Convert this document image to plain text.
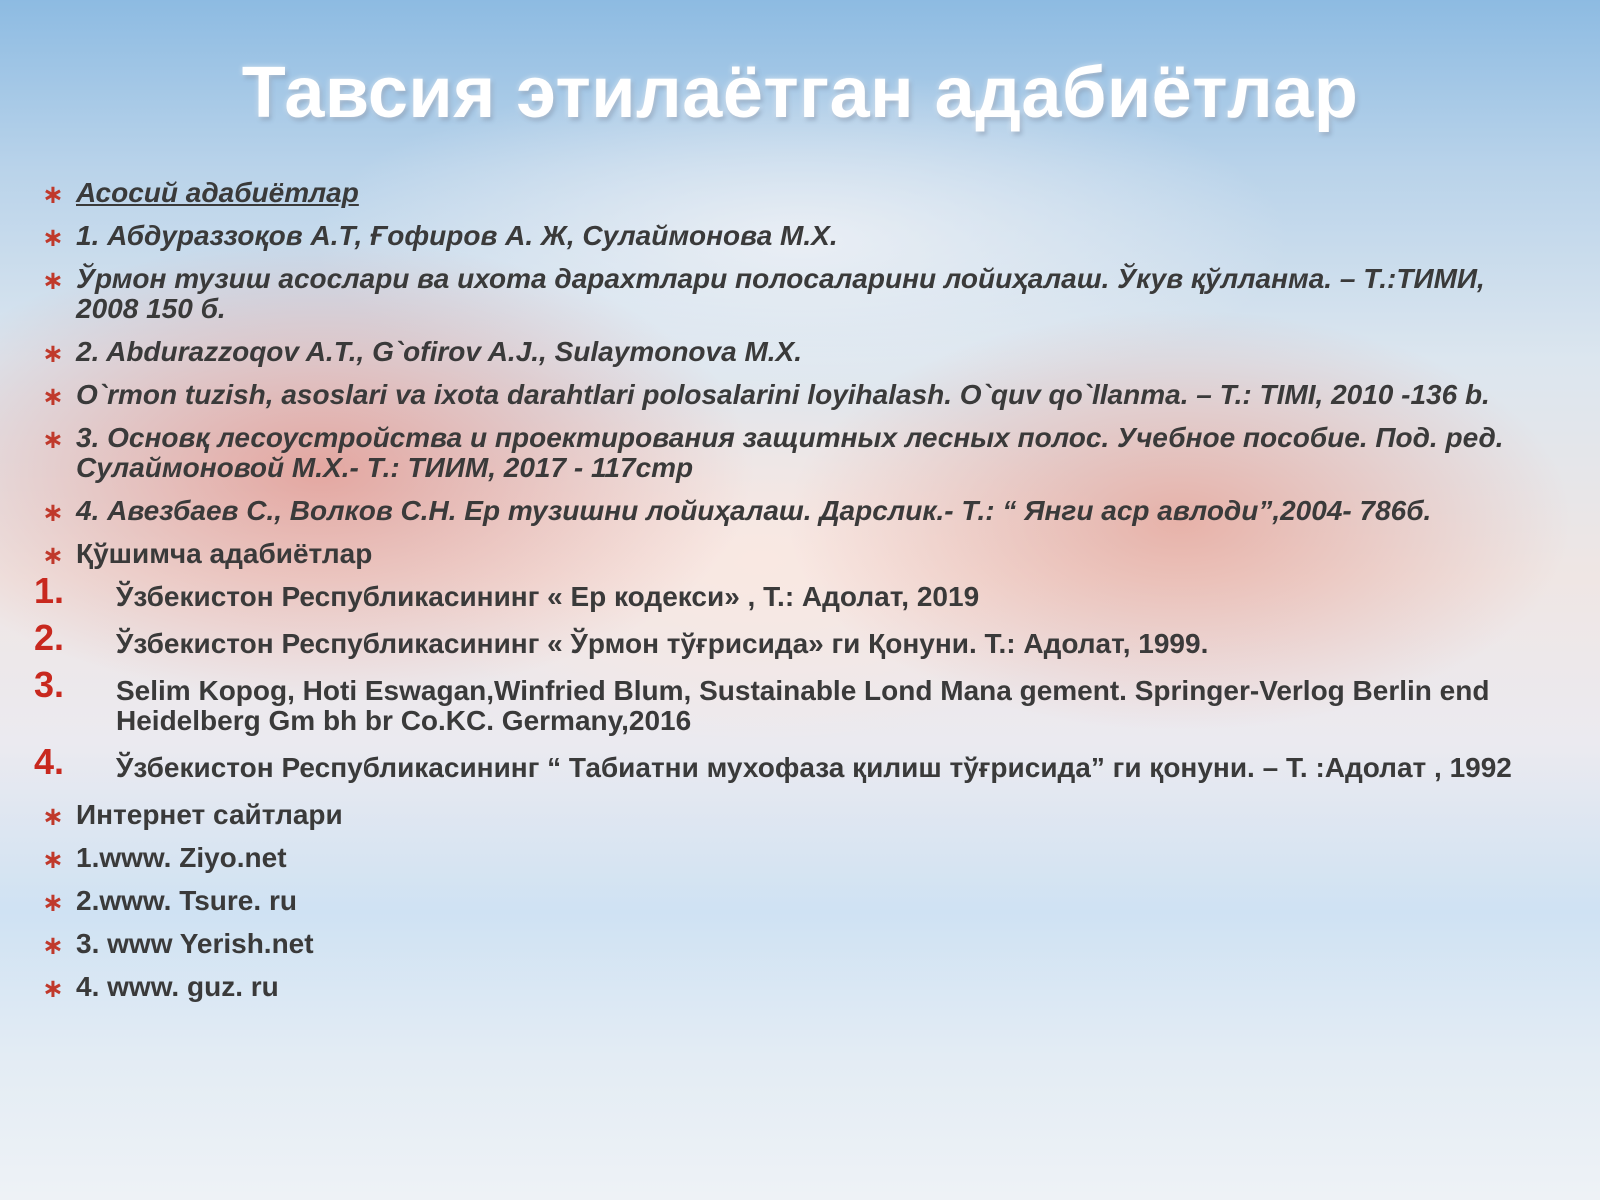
Тавсия этилаётган адабиётлар
∗ Асосий адабиётлар
∗ 1. Абдураззоқов А.Т, Ғофиров А. Ж, Сулаймонова М.Х.
∗ Ўрмон тузиш асослари ва ихота дарахтлари полосаларини лойиҳалаш. Ўкув қўлланма. – Т.:ТИМИ, 2008 150 б.
∗ 2. Abdurazzoqov A.T., G`ofirov A.J., Sulaymonova M.X.
∗ O`rmon tuzish, asoslari va ixota darahtlari polosalarini loyihalash. O`quv qo`llanma. – T.: TIMI, 2010 -136 b.
∗ 3. Основқ лесоустройства и проектирования защитных лесных полос. Учебное пособие. Под. ред. Сулаймоновой М.Х.- Т.: ТИИМ, 2017 - 117стр
∗ 4. Авезбаев С., Волков С.Н. Ер тузишни лойиҳалаш. Дарслик.- Т.: “ Янги аср авлоди”,2004- 786б.
∗ Қўшимча адабиётлар
1. Ўзбекистон Республикасининг « Ер кодекси» , Т.: Адолат, 2019
2. Ўзбекистон Республикасининг « Ўрмон тўғрисида» ги Қонуни. Т.: Адолат, 1999.
3. Selim Kopog, Hoti Eswagan,Winfried Blum, Sustainable Lond Mana gement. Springer-Verlog Berlin end Heidelberg Gm bh br Co.KC. Germany,2016
4. Ўзбекистон Республикасининг “ Табиатни мухофаза қилиш тўғрисида” ги қонуни. – Т. :Адолат , 1992
∗ Интернет сайтлари
∗ 1.www. Ziyo.net
∗ 2.www. Tsure. ru
∗ 3. www Yerish.net
∗ 4. www. guz. ru
